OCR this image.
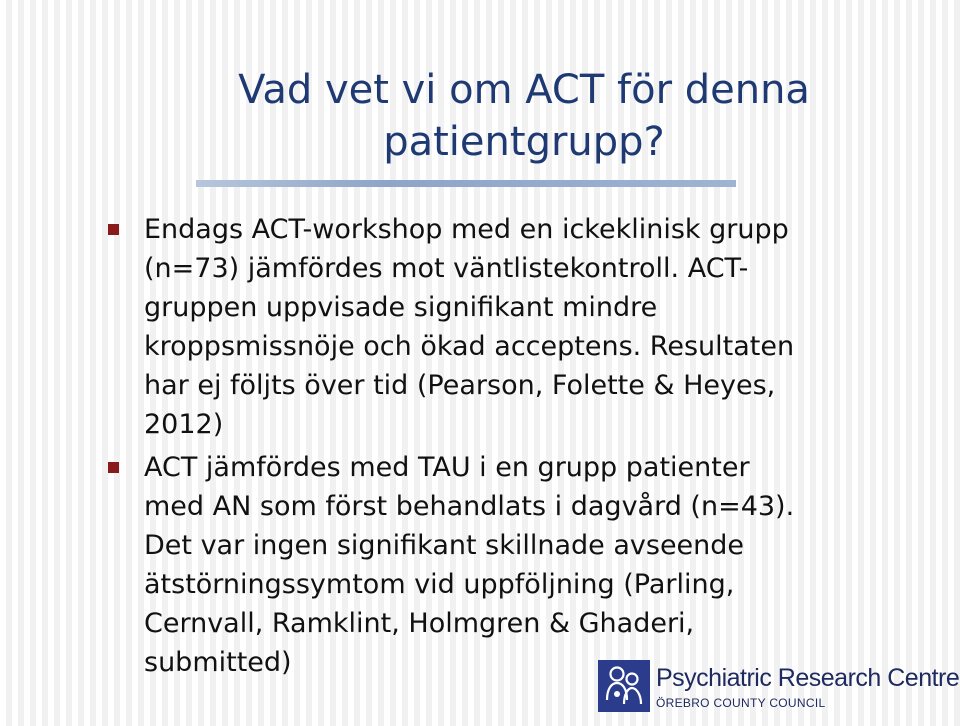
Vad vet vi om ACT för denna
patientgrupp?
Endags ACT-workshop med en ickeklinisk grupp
(n=73) jämfördes mot väntlistekontroll. ACT-
gruppen uppvisade signifikant mindre
kroppsmissnöje och ökad acceptens. Resultaten
har ej följts över tid (Pearson, Folette & Heyes,
2012)
ACT jämfördes med TAU i en grupp patienter
med AN som först behandlats i dagvård (n=43).
Det var ingen signifikant skillnade avseende
ätstörningssymtom vid uppföljning (Parling,
Cernvall, Ramklint, Holmgren & Ghaderi,
submitted)	Psychiatric Research Centre
ÖREBRO COUNTY COUNCIL
